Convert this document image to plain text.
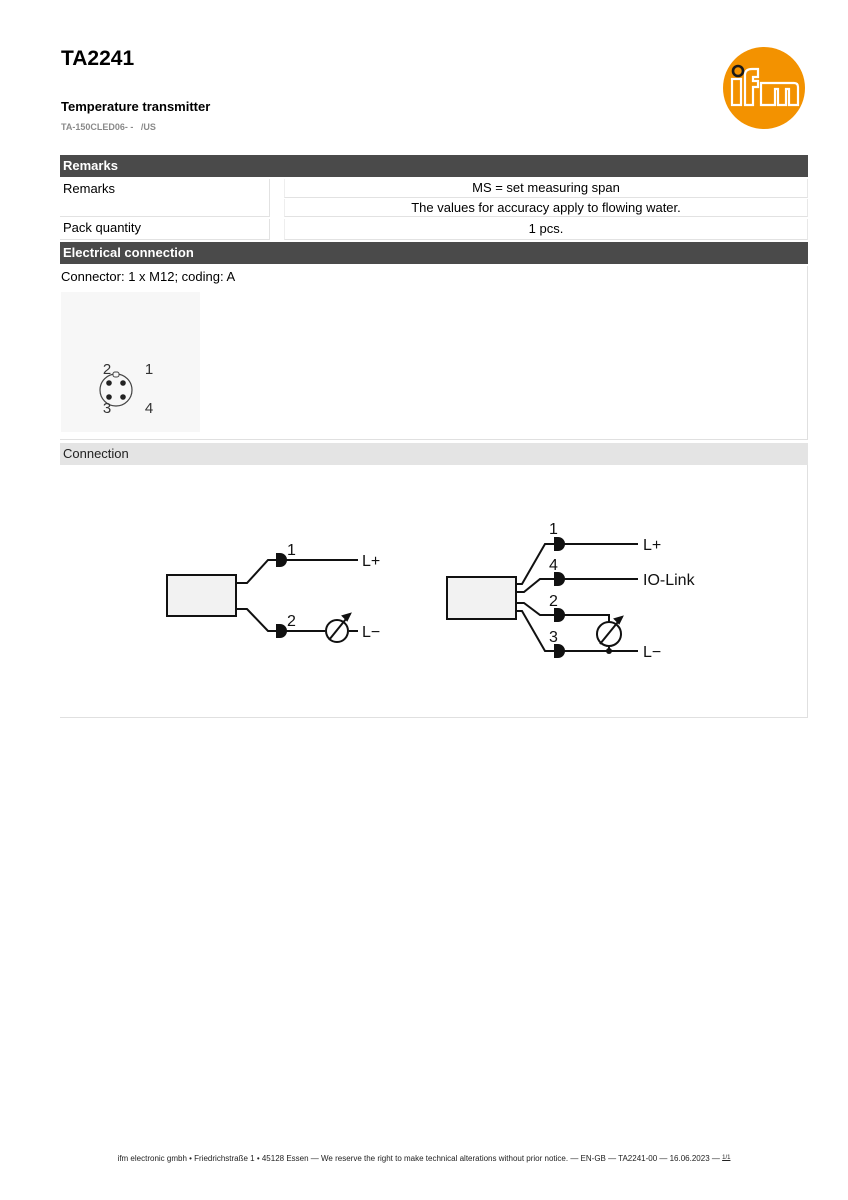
TA2241
Temperature transmitter
TA-150CLED06- -   /US
Remarks
Remarks	MS = set measuring span
The values for accuracy apply to flowing water.
Pack quantity	1 pcs.
Electrical connection
Connector: 1 x M12; coding: A
2 1
3 4
Connection
1
2
L+
L−
1
4
2
3
L+
IO-Link
L−
ifm electronic gmbh • Friedrichstraße 1 • 45128 Essen — We reserve the right to make technical alterations without prior notice. — EN-GB — TA2241-00 — 16.06.2023 — $^{1/1}$
